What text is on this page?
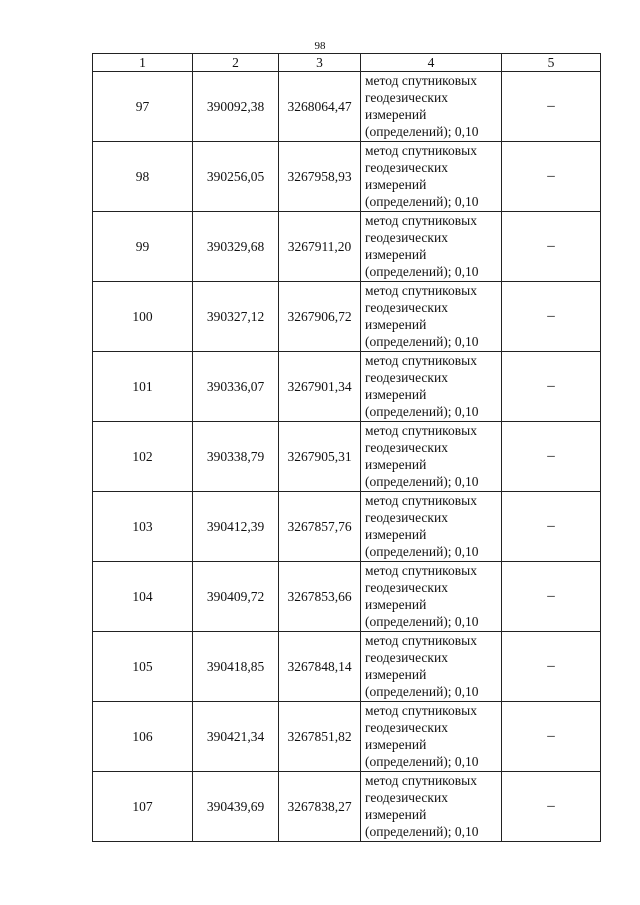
98
1	2	3	4	5
97	390092,38	3268064,47	метод спутниковых
геодезических
измерений
(определений); 0,10	–
98	390256,05	3267958,93	метод спутниковых
геодезических
измерений
(определений); 0,10	–
99	390329,68	3267911,20	метод спутниковых
геодезических
измерений
(определений); 0,10	–
100	390327,12	3267906,72	метод спутниковых
геодезических
измерений
(определений); 0,10	–
101	390336,07	3267901,34	метод спутниковых
геодезических
измерений
(определений); 0,10	–
102	390338,79	3267905,31	метод спутниковых
геодезических
измерений
(определений); 0,10	–
103	390412,39	3267857,76	метод спутниковых
геодезических
измерений
(определений); 0,10	–
104	390409,72	3267853,66	метод спутниковых
геодезических
измерений
(определений); 0,10	–
105	390418,85	3267848,14	метод спутниковых
геодезических
измерений
(определений); 0,10	–
106	390421,34	3267851,82	метод спутниковых
геодезических
измерений
(определений); 0,10	–
107	390439,69	3267838,27	метод спутниковых
геодезических
измерений
(определений); 0,10	–
